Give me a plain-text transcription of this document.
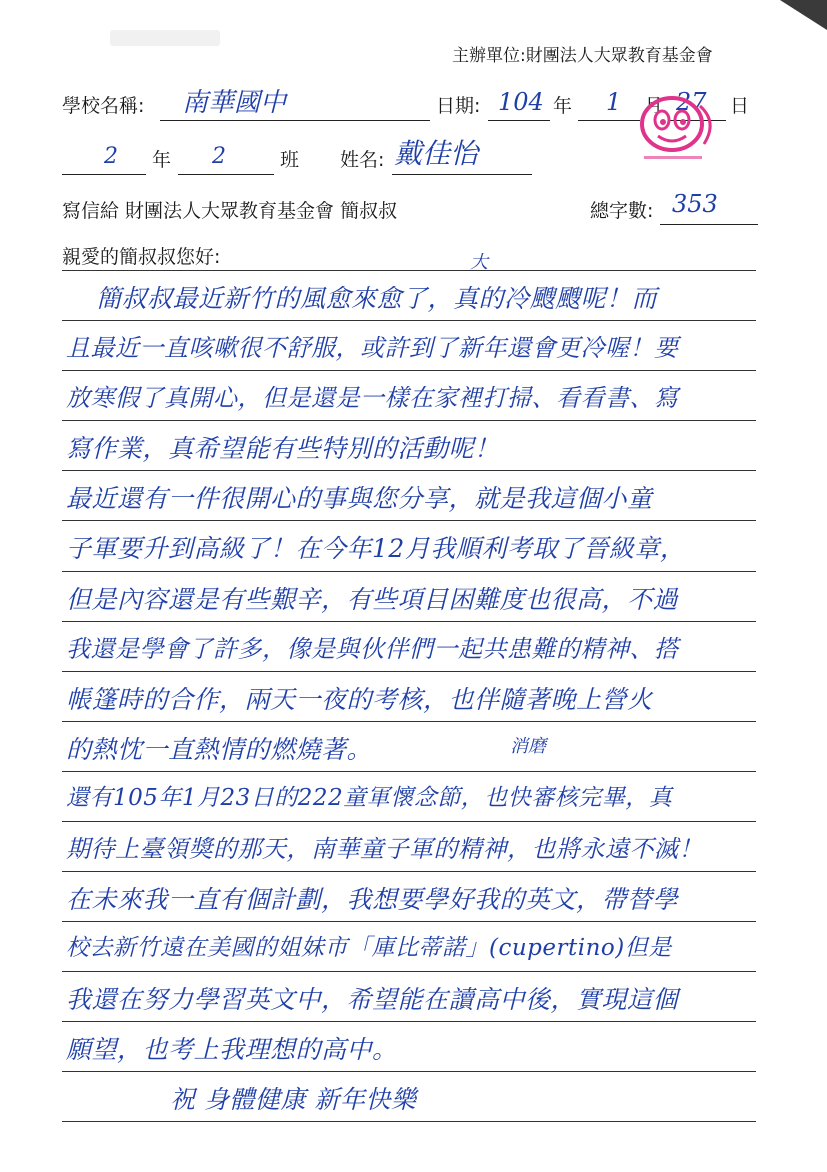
主辦單位:財團法人大眾教育基金會
學校名稱: 南華國中	日期: 104 年 1 月 27 日
2 年 2	班 姓名: 戴佳怡
寫信給 財團法人大眾教育基金會 簡叔叔	總字數: 353
親愛的簡叔叔您好:	大
消磨
簡叔叔最近新竹的風愈來愈了，真的冷颼颼呢！而
且最近一直咳嗽很不舒服，或許到了新年還會更冷喔！要
放寒假了真開心，但是還是一樣在家裡打掃、看看書、寫
寫作業，真希望能有些特別的活動呢！
最近還有一件很開心的事與您分享，就是我這個小童
子軍要升到高級了！在今年12月我順利考取了晉級章，
但是內容還是有些艱辛，有些項目困難度也很高，不過
我還是學會了許多，像是與伙伴們一起共患難的精神、搭
帳篷時的合作，兩天一夜的考核，也伴隨著晚上營火
的熱忱一直熱情的燃燒著。
還有105年1月23日的222童軍懷念節，也快審核完畢，真
期待上臺領獎的那天，南華童子軍的精神，也將永遠不滅！
在未來我一直有個計劃，我想要學好我的英文，帶替學
校去新竹遠在美國的姐妹市「庫比蒂諾」(cupertino)但是
我還在努力學習英文中，希望能在讀高中後，實現這個
願望，也考上我理想的高中。
祝 身體健康 新年快樂
